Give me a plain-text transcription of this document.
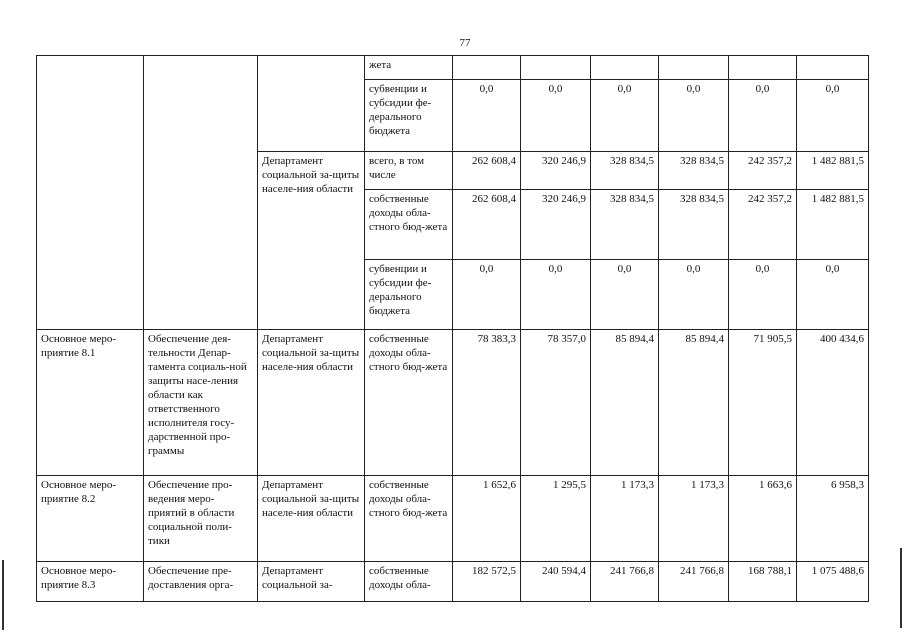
77
			жета						
			субвенции и субсидии фе-дерального бюджета	0,0	0,0	0,0	0,0	0,0	0,0
		Департамент социальной за-щиты населе-ния области	всего, в том числе	262 608,4	320 246,9	328 834,5	328 834,5	242 357,2	1 482 881,5
			собственные доходы обла-стного бюд-жета	262 608,4	320 246,9	328 834,5	328 834,5	242 357,2	1 482 881,5
			субвенции и субсидии фе-дерального бюджета	0,0	0,0	0,0	0,0	0,0	0,0
Основное меро-приятие 8.1	Обеспечение дея-тельности Депар-тамента социаль-ной защиты насе-ления области как ответственного исполнителя госу-дарственной про-граммы	Департамент социальной за-щиты населе-ния области	собственные доходы обла-стного бюд-жета	78 383,3	78 357,0	85 894,4	85 894,4	71 905,5	400 434,6
Основное меро-приятие 8.2	Обеспечение про-ведения меро-приятий в области социальной поли-тики	Департамент социальной за-щиты населе-ния области	собственные доходы обла-стного бюд-жета	1 652,6	1 295,5	1 173,3	1 173,3	1 663,6	6 958,3
Основное меро-приятие 8.3	Обеспечение пре-доставления орга-	Департамент социальной за-	собственные доходы обла-	182 572,5	240 594,4	241 766,8	241 766,8	168 788,1	1 075 488,6
